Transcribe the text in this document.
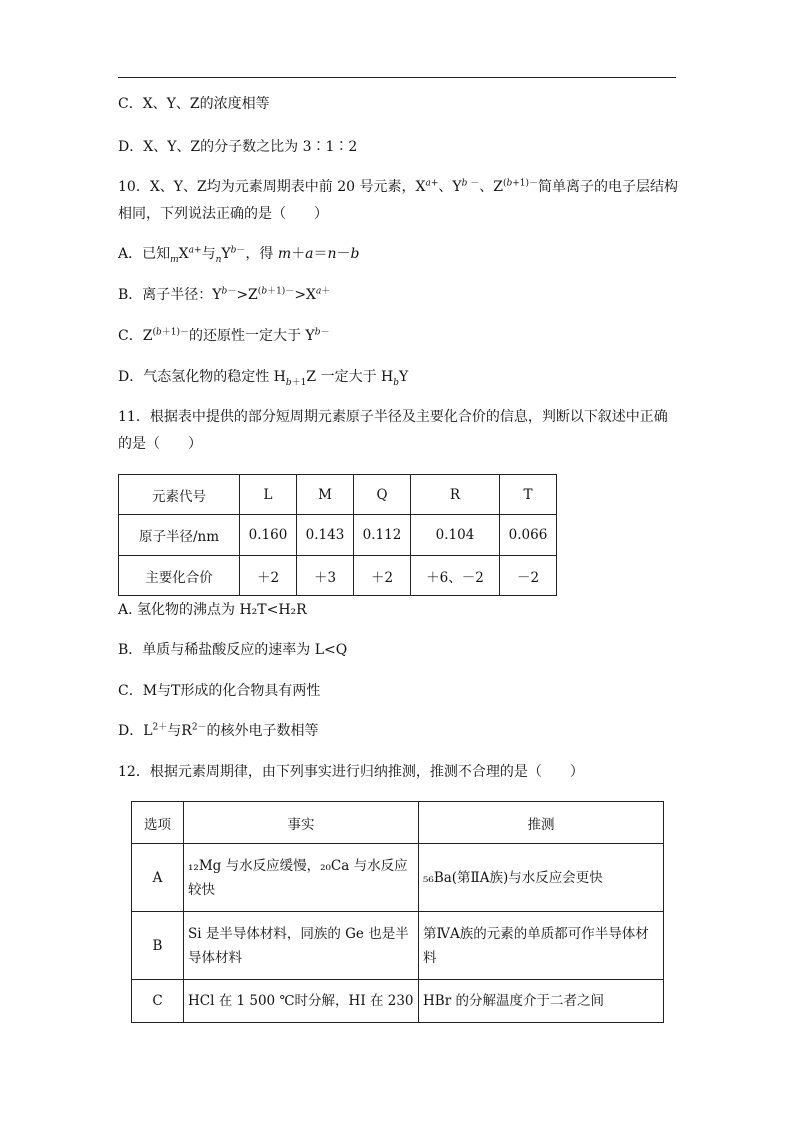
C．X、Y、Z的浓度相等
D．X、Y、Z的分子数之比为 3∶1∶2
10．X、Y、Z均为元素周期表中前 20 号元素，$X^{a+}$、$Y^{b -}$、$Z^{(b+1)-}$简单离子的电子层结构
相同，下列说法正确的是（　　）
A．已知$_mX^{a+}$与$_nY^{b-}$，得 m＋a＝n－b
B．离子半径：$Y^{b-}>Z^{(b+1)-}>X^{a+}$
C．$Z^{(b+1)-}$的还原性一定大于 $Y^{b-}$
D．气态氢化物的稳定性 $H_{b+1}Z$ 一定大于 $H_bY$
11．根据表中提供的部分短周期元素原子半径及主要化合价的信息，判断以下叙述中正确的是（　　）
元素代号	L	M	Q	R	T
原子半径/nm	0.160	0.143	0.112	0.104	0.066
主要化合价	＋2	＋3	＋2	＋6、－2	－2
A. 氢化物的沸点为 H₂T<H₂R
B．单质与稀盐酸反应的速率为 L<Q
C．M与T形成的化合物具有两性
D．$L^{2+}$与$R^{2-}$的核外电子数相等
12．根据元素周期律，由下列事实进行归纳推测，推测不合理的是（　　）
选项	事实	推测
A	₁₂Mg 与水反应缓慢，₂₀Ca 与水反应较快	₅₆Ba(第ⅡA族)与水反应会更快
B	Si 是半导体材料，同族的 Ge 也是半导体材料	第ⅣA族的元素的单质都可作半导体材料
C	HCl 在 1 500 ℃时分解，HI 在 230	HBr 的分解温度介于二者之间
